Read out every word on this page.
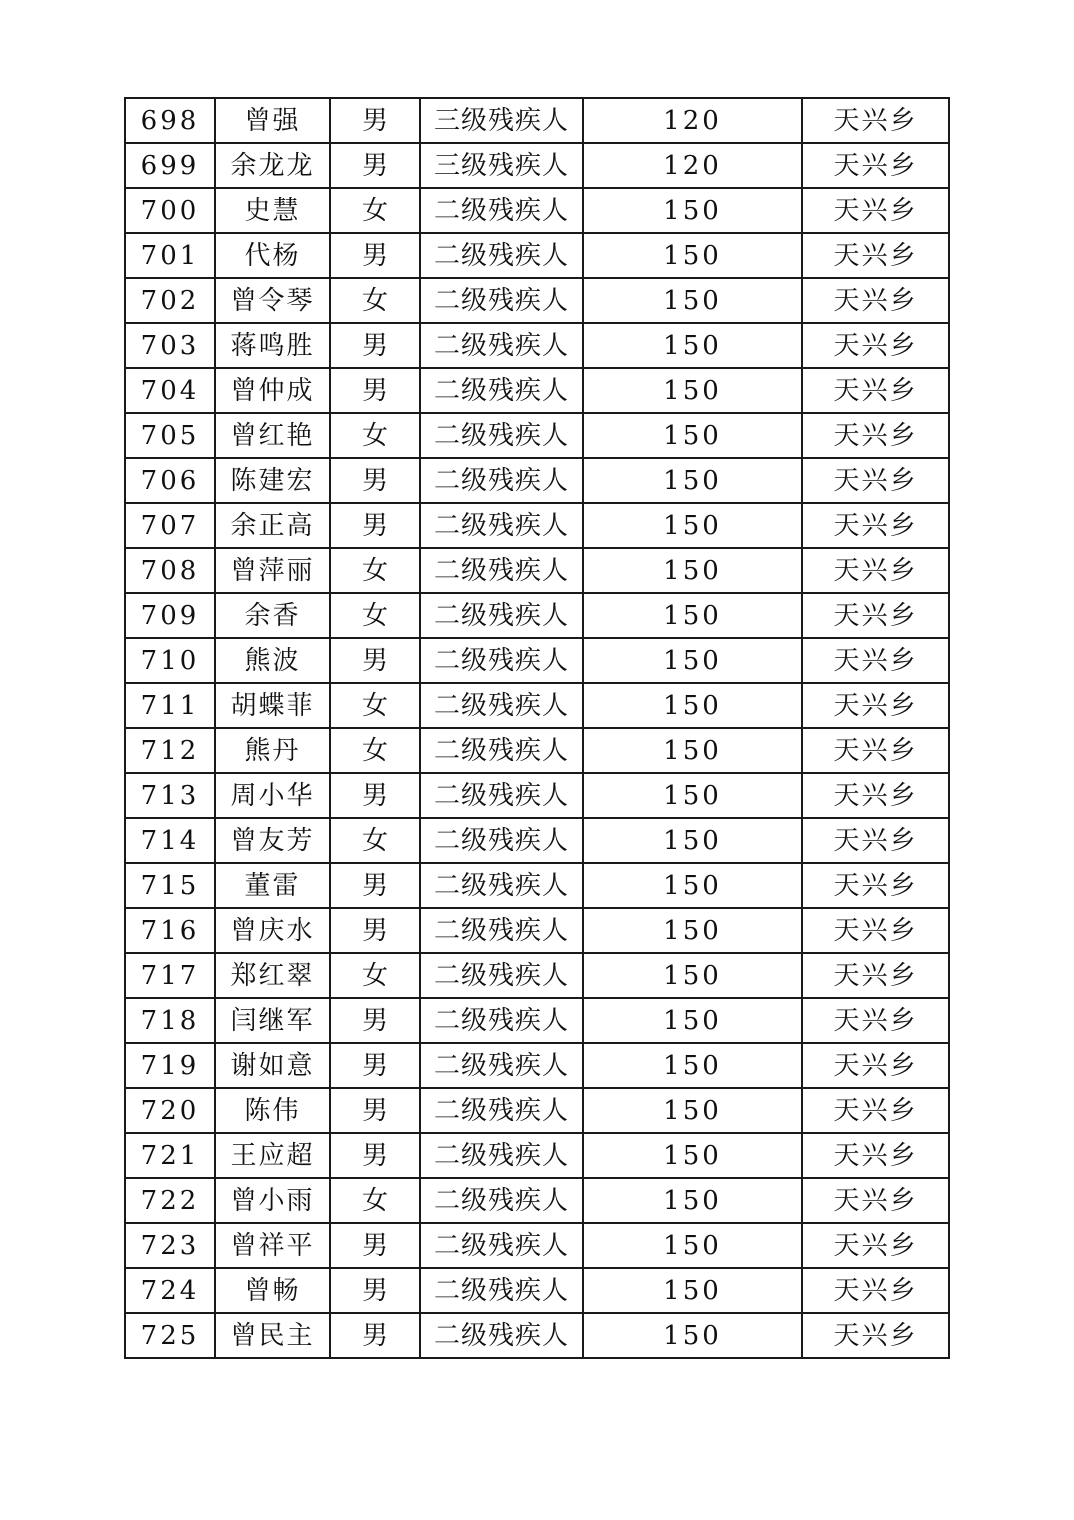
698	曾强	男	三级残疾人	120	天兴乡
699	余龙龙	男	三级残疾人	120	天兴乡
700	史慧	女	二级残疾人	150	天兴乡
701	代杨	男	二级残疾人	150	天兴乡
702	曾令琴	女	二级残疾人	150	天兴乡
703	蒋鸣胜	男	二级残疾人	150	天兴乡
704	曾仲成	男	二级残疾人	150	天兴乡
705	曾红艳	女	二级残疾人	150	天兴乡
706	陈建宏	男	二级残疾人	150	天兴乡
707	余正高	男	二级残疾人	150	天兴乡
708	曾萍丽	女	二级残疾人	150	天兴乡
709	余香	女	二级残疾人	150	天兴乡
710	熊波	男	二级残疾人	150	天兴乡
711	胡蝶菲	女	二级残疾人	150	天兴乡
712	熊丹	女	二级残疾人	150	天兴乡
713	周小华	男	二级残疾人	150	天兴乡
714	曾友芳	女	二级残疾人	150	天兴乡
715	董雷	男	二级残疾人	150	天兴乡
716	曾庆水	男	二级残疾人	150	天兴乡
717	郑红翠	女	二级残疾人	150	天兴乡
718	闫继军	男	二级残疾人	150	天兴乡
719	谢如意	男	二级残疾人	150	天兴乡
720	陈伟	男	二级残疾人	150	天兴乡
721	王应超	男	二级残疾人	150	天兴乡
722	曾小雨	女	二级残疾人	150	天兴乡
723	曾祥平	男	二级残疾人	150	天兴乡
724	曾畅	男	二级残疾人	150	天兴乡
725	曾民主	男	二级残疾人	150	天兴乡
